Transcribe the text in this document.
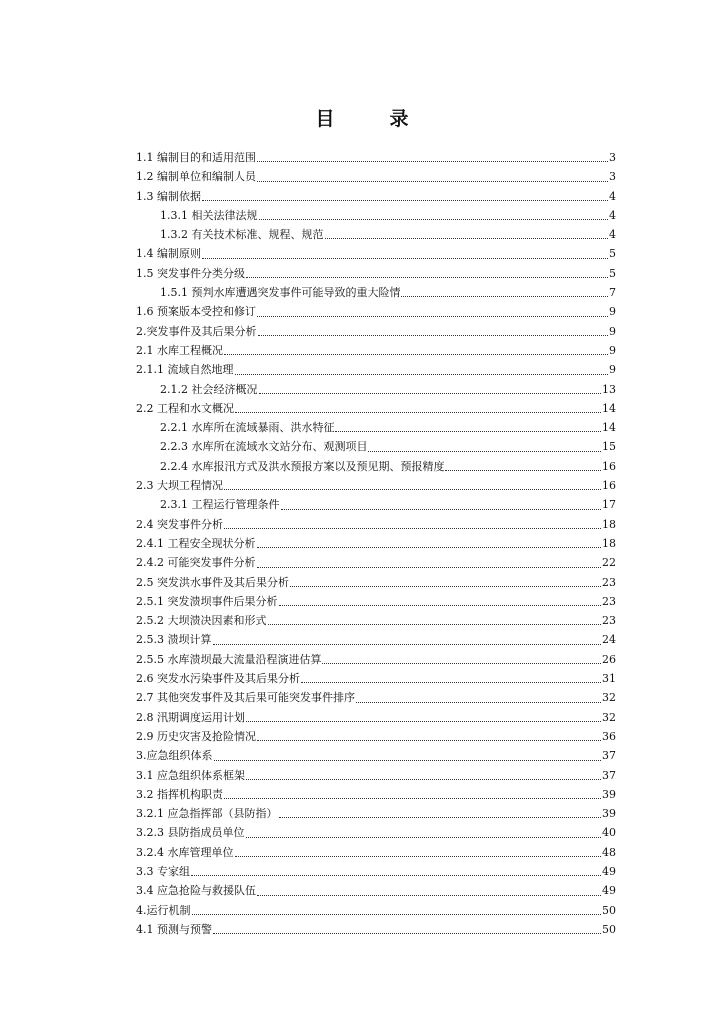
目　录
1.1 编制目的和适用范围	3
1.2 编制单位和编制人员	3
1.3 编制依据	4
1.3.1 相关法律法规	4
1.3.2 有关技术标准、规程、规范	4
1.4 编制原则	5
1.5 突发事件分类分级	5
1.5.1 预判水库遭遇突发事件可能导致的重大险情	7
1.6 预案版本受控和修订	9
2.突发事件及其后果分析	9
2.1 水库工程概况	9
2.1.1 流域自然地理	9
2.1.2 社会经济概况	13
2.2 工程和水文概况	14
2.2.1 水库所在流域暴雨、洪水特征	14
2.2.3 水库所在流域水文站分布、观测项目	15
2.2.4 水库报汛方式及洪水预报方案以及预见期、预报精度	16
2.3 大坝工程情况	16
2.3.1 工程运行管理条件	17
2.4 突发事件分析	18
2.4.1 工程安全现状分析	18
2.4.2 可能突发事件分析	22
2.5 突发洪水事件及其后果分析	23
2.5.1 突发溃坝事件后果分析	23
2.5.2 大坝溃决因素和形式	23
2.5.3 溃坝计算	24
2.5.5 水库溃坝最大流量沿程演进估算	26
2.6 突发水污染事件及其后果分析	31
2.7 其他突发事件及其后果可能突发事件排序	32
2.8 汛期调度运用计划	32
2.9 历史灾害及抢险情况	36
3.应急组织体系	37
3.1 应急组织体系框架	37
3.2 指挥机构职责	39
3.2.1 应急指挥部（县防指）	39
3.2.3 县防指成员单位	40
3.2.4 水库管理单位	48
3.3 专家组	49
3.4 应急抢险与救援队伍	49
4.运行机制	50
4.1 预测与预警	50
